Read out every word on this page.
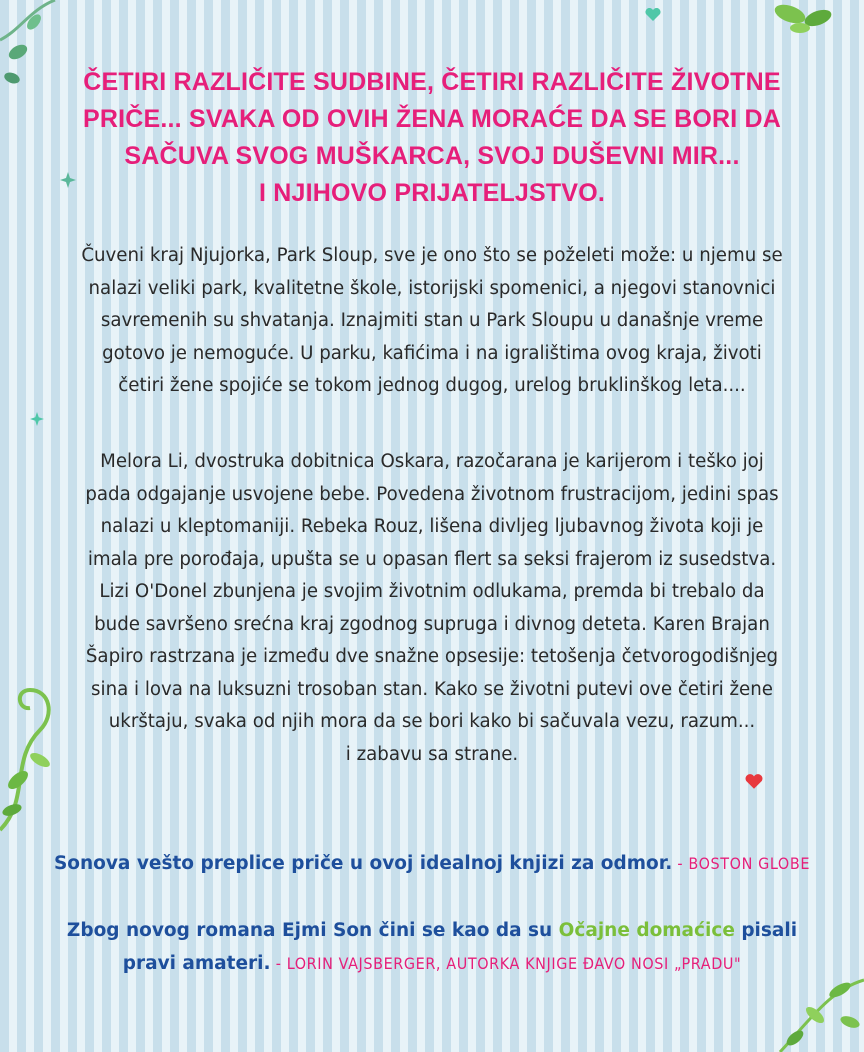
ČETIRI RAZLIČITE SUDBINE, ČETIRI RAZLIČITE ŽIVOTNE
PRIČE... SVAKA OD OVIH ŽENA MORAĆE DA SE BORI DA
SAČUVA SVOG MUŠKARCA, SVOJ DUŠEVNI MIR...
I NJIHOVO PRIJATELJSTVO.
Čuveni kraj Njujorka, Park Sloup, sve je ono što se poželeti može: u njemu se
nalazi veliki park, kvalitetne škole, istorijski spomenici, a njegovi stanovnici
savremenih su shvatanja. Iznajmiti stan u Park Sloupu u današnje vreme
gotovo je nemoguće. U parku, kafićima i na igralištima ovog kraja, životi
četiri žene spojiće se tokom jednog dugog, urelog bruklinškog leta....
Melora Li, dvostruka dobitnica Oskara, razočarana je karijerom i teško joj
pada odgajanje usvojene bebe. Povedena životnom frustracijom, jedini spas
nalazi u kleptomaniji. Rebeka Rouz, lišena divljeg ljubavnog života koji je
imala pre porođaja, upušta se u opasan flert sa seksi frajerom iz susedstva.
Lizi O'Donel zbunjena je svojim životnim odlukama, premda bi trebalo da
bude savršeno srećna kraj zgodnog supruga i divnog deteta. Karen Brajan
Šapiro rastrzana je između dve snažne opsesije: tetošenja četvorogodišnjeg
sina i lova na luksuzni trosoban stan. Kako se životni putevi ove četiri žene
ukrštaju, svaka od njih mora da se bori kako bi sačuvala vezu, razum...
i zabavu sa strane.
Sonova vešto preplice priče u ovoj idealnoj knjizi za odmor. - BOSTON GLOBE
Zbog novog romana Ejmi Son čini se kao da su Očajne domaćice pisali
pravi amateri. - LORIN VAJSBERGER, AUTORKA KNJIGE ĐAVO NOSI „PRADU"
